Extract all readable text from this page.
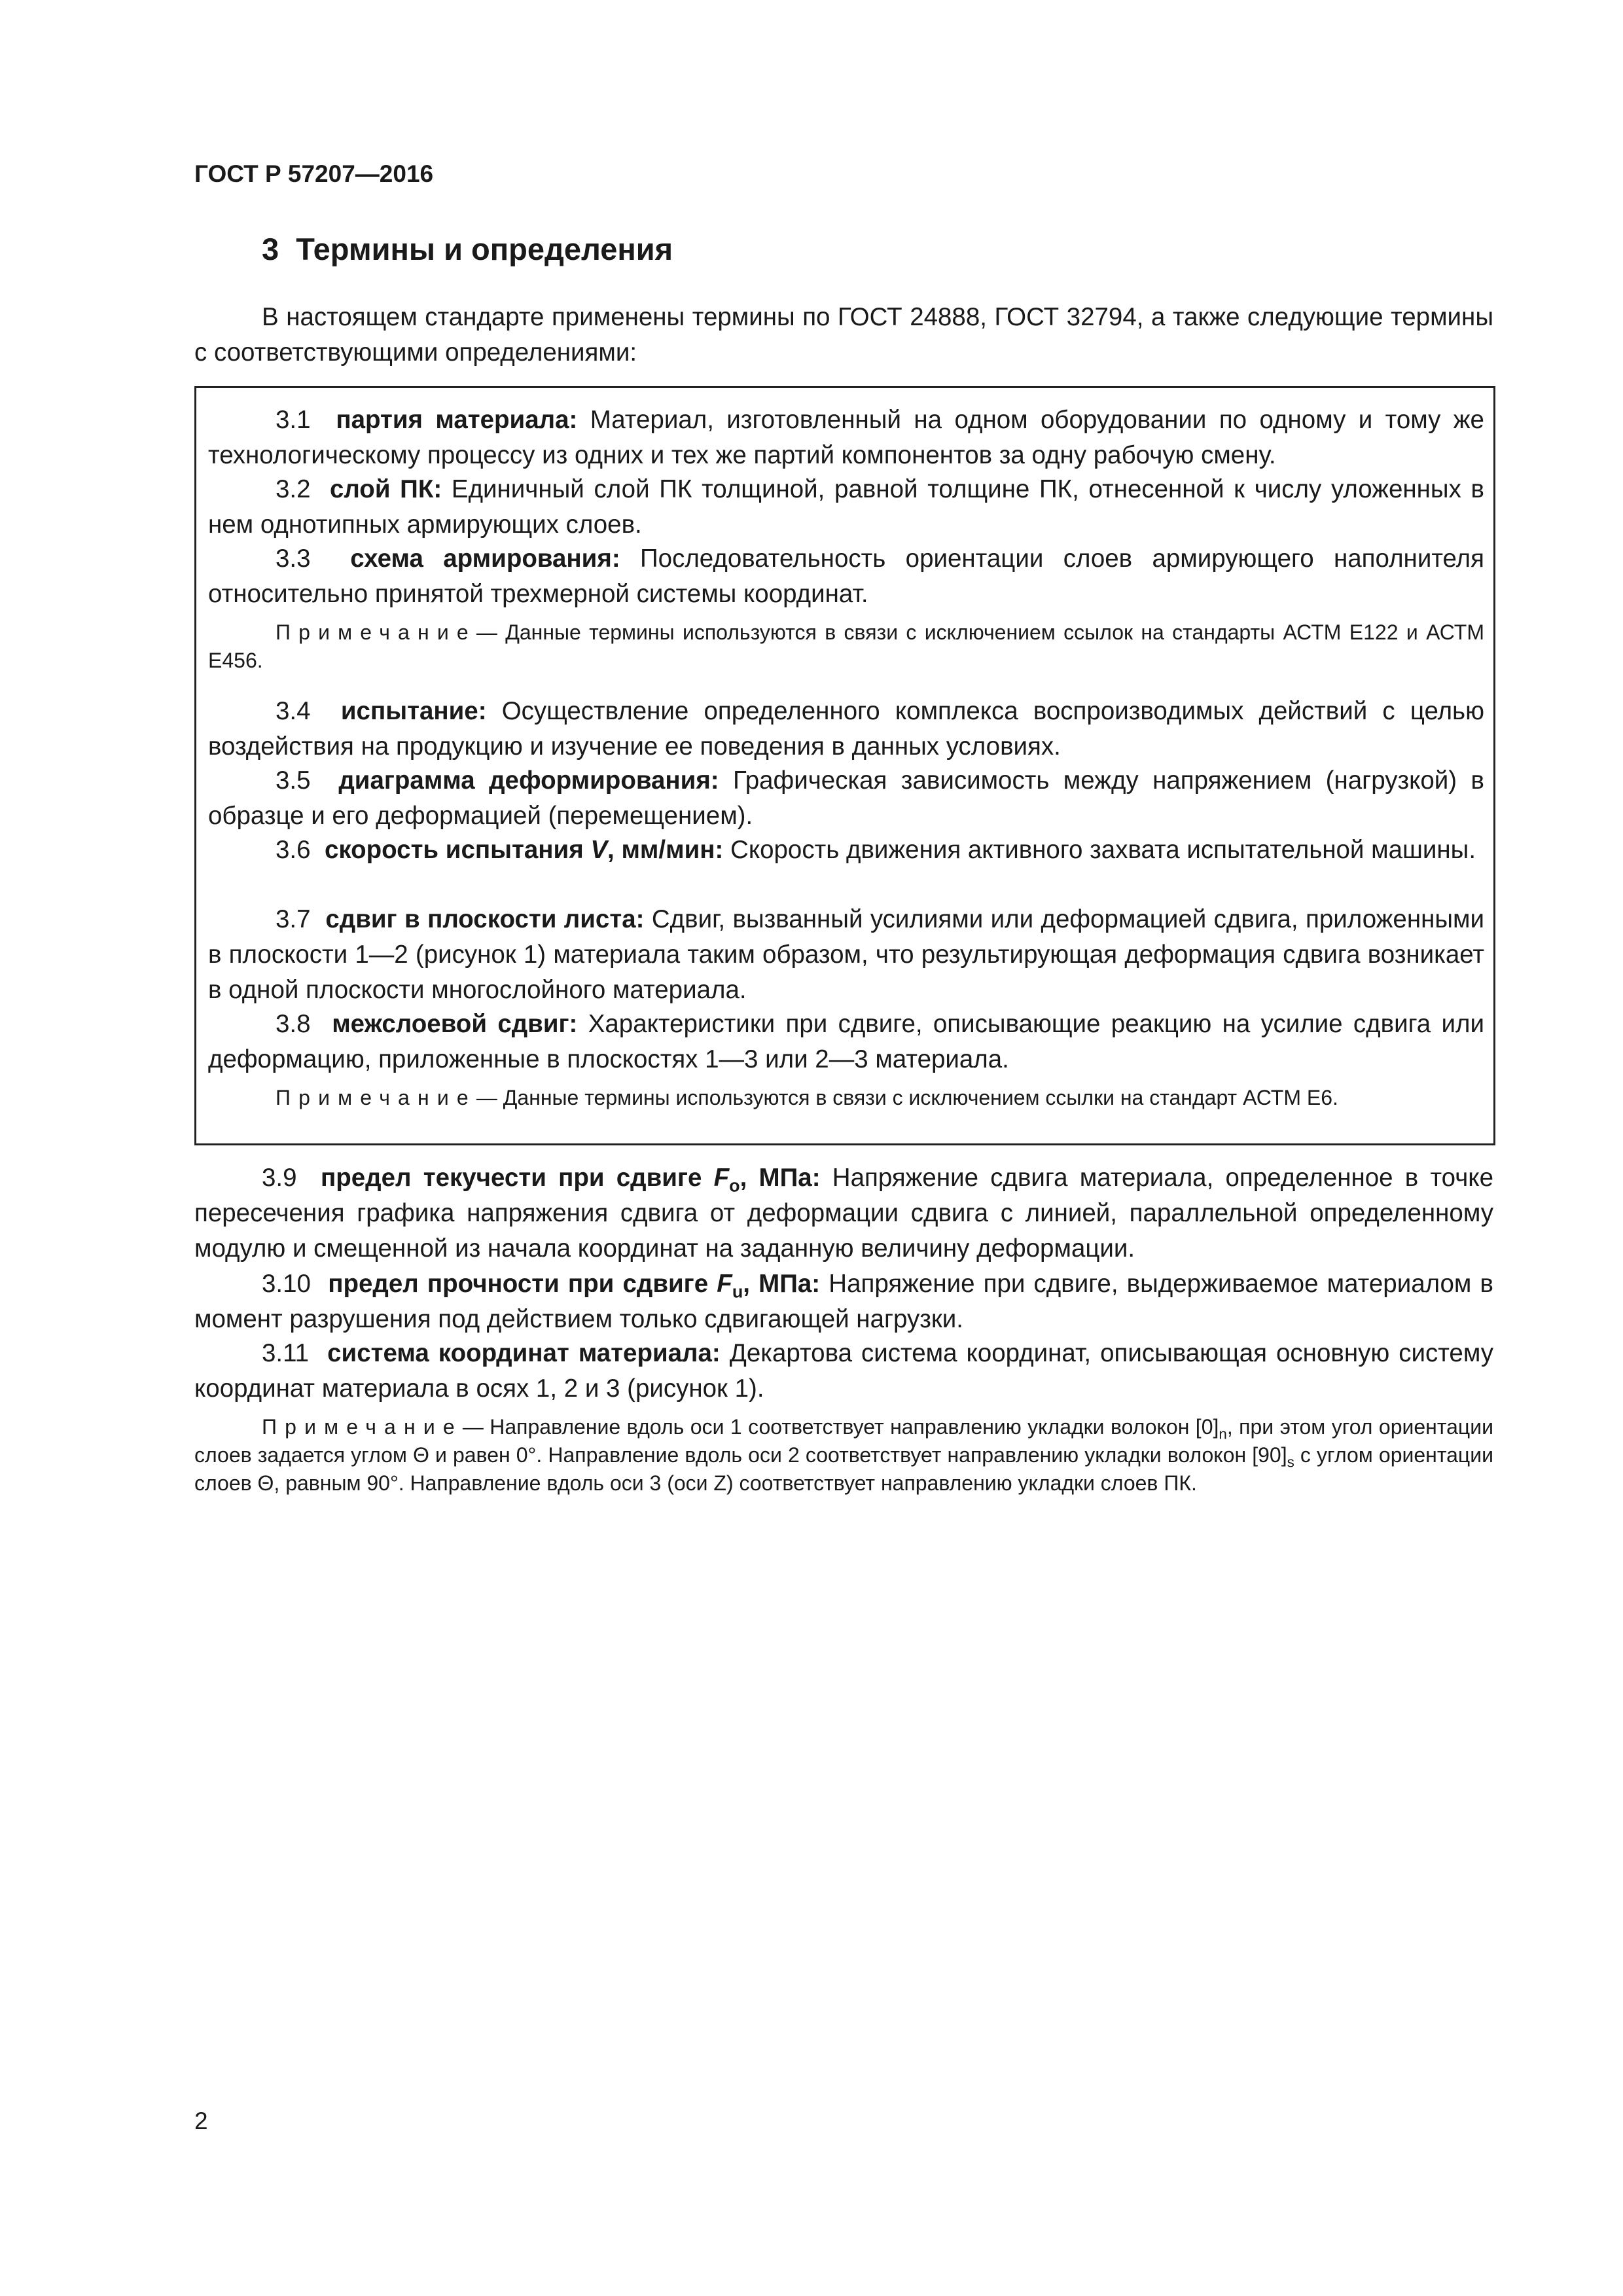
ГОСТ Р 57207—2016
3 Термины и определения

В настоящем стандарте применены термины по ГОСТ 24888, ГОСТ 32794, а также следующие термины с соответствующими определениями:

3.1 партия материала: Материал, изготовленный на одном оборудовании по одному и тому же технологическому процессу из одних и тех же партий компонентов за одну рабочую смену.

3.2 слой ПК: Единичный слой ПК толщиной, равной толщине ПК, отнесенной к числу уложенных в нем однотипных армирующих слоев.

3.3 схема армирования: Последовательность ориентации слоев армирующего наполнителя относительно принятой трехмерной системы координат.

Примечание— Данные термины используются в связи с исключением ссылок на стандарты АСТМ Е122 и АСТМ Е456.

3.4 испытание: Осуществление определенного комплекса воспроизводимых действий с целью воздействия на продукцию и изучение ее поведения в данных условиях.

3.5 диаграмма деформирования: Графическая зависимость между напряжением (нагрузкой) в образце и его деформацией (перемещением).

3.6 скорость испытания V, мм/мин: Скорость движения активного захвата испытательной машины.

3.7 сдвиг в плоскости листа: Сдвиг, вызванный усилиями или деформацией сдвига, приложенными в плоскости 1—2 (рисунок 1) материала таким образом, что результирующая деформация сдвига возникает в одной плоскости многослойного материала.

3.8 межслоевой сдвиг: Характеристики при сдвиге, описывающие реакцию на усилие сдвига или деформацию, приложенные в плоскостях 1—3 или 2—3 материала.

Примечание— Данные термины используются в связи с исключением ссылки на стандарт АСТМ Е6.

3.9 предел текучести при сдвиге $F_o$, МПа: Напряжение сдвига материала, определенное в точке пересечения графика напряжения сдвига от деформации сдвига с линией, параллельной определенному модулю и смещенной из начала координат на заданную величину деформации.

3.10 предел прочности при сдвиге $F_u$, МПа: Напряжение при сдвиге, выдерживаемое материалом в момент разрушения под действием только сдвигающей нагрузки.

3.11 система координат материала: Декартова система координат, описывающая основную систему координат материала в осях 1, 2 и 3 (рисунок 1).

Примечание— Направление вдоль оси 1 соответствует направлению укладки волокон $[0]_n$, при этом угол ориентации слоев задается углом Θ и равен 0°. Направление вдоль оси 2 соответствует направлению укладки волокон $[90]_s$ с углом ориентации слоев Θ, равным 90°. Направление вдоль оси 3 (оси Z) соответствует направлению укладки слоев ПК.

2
